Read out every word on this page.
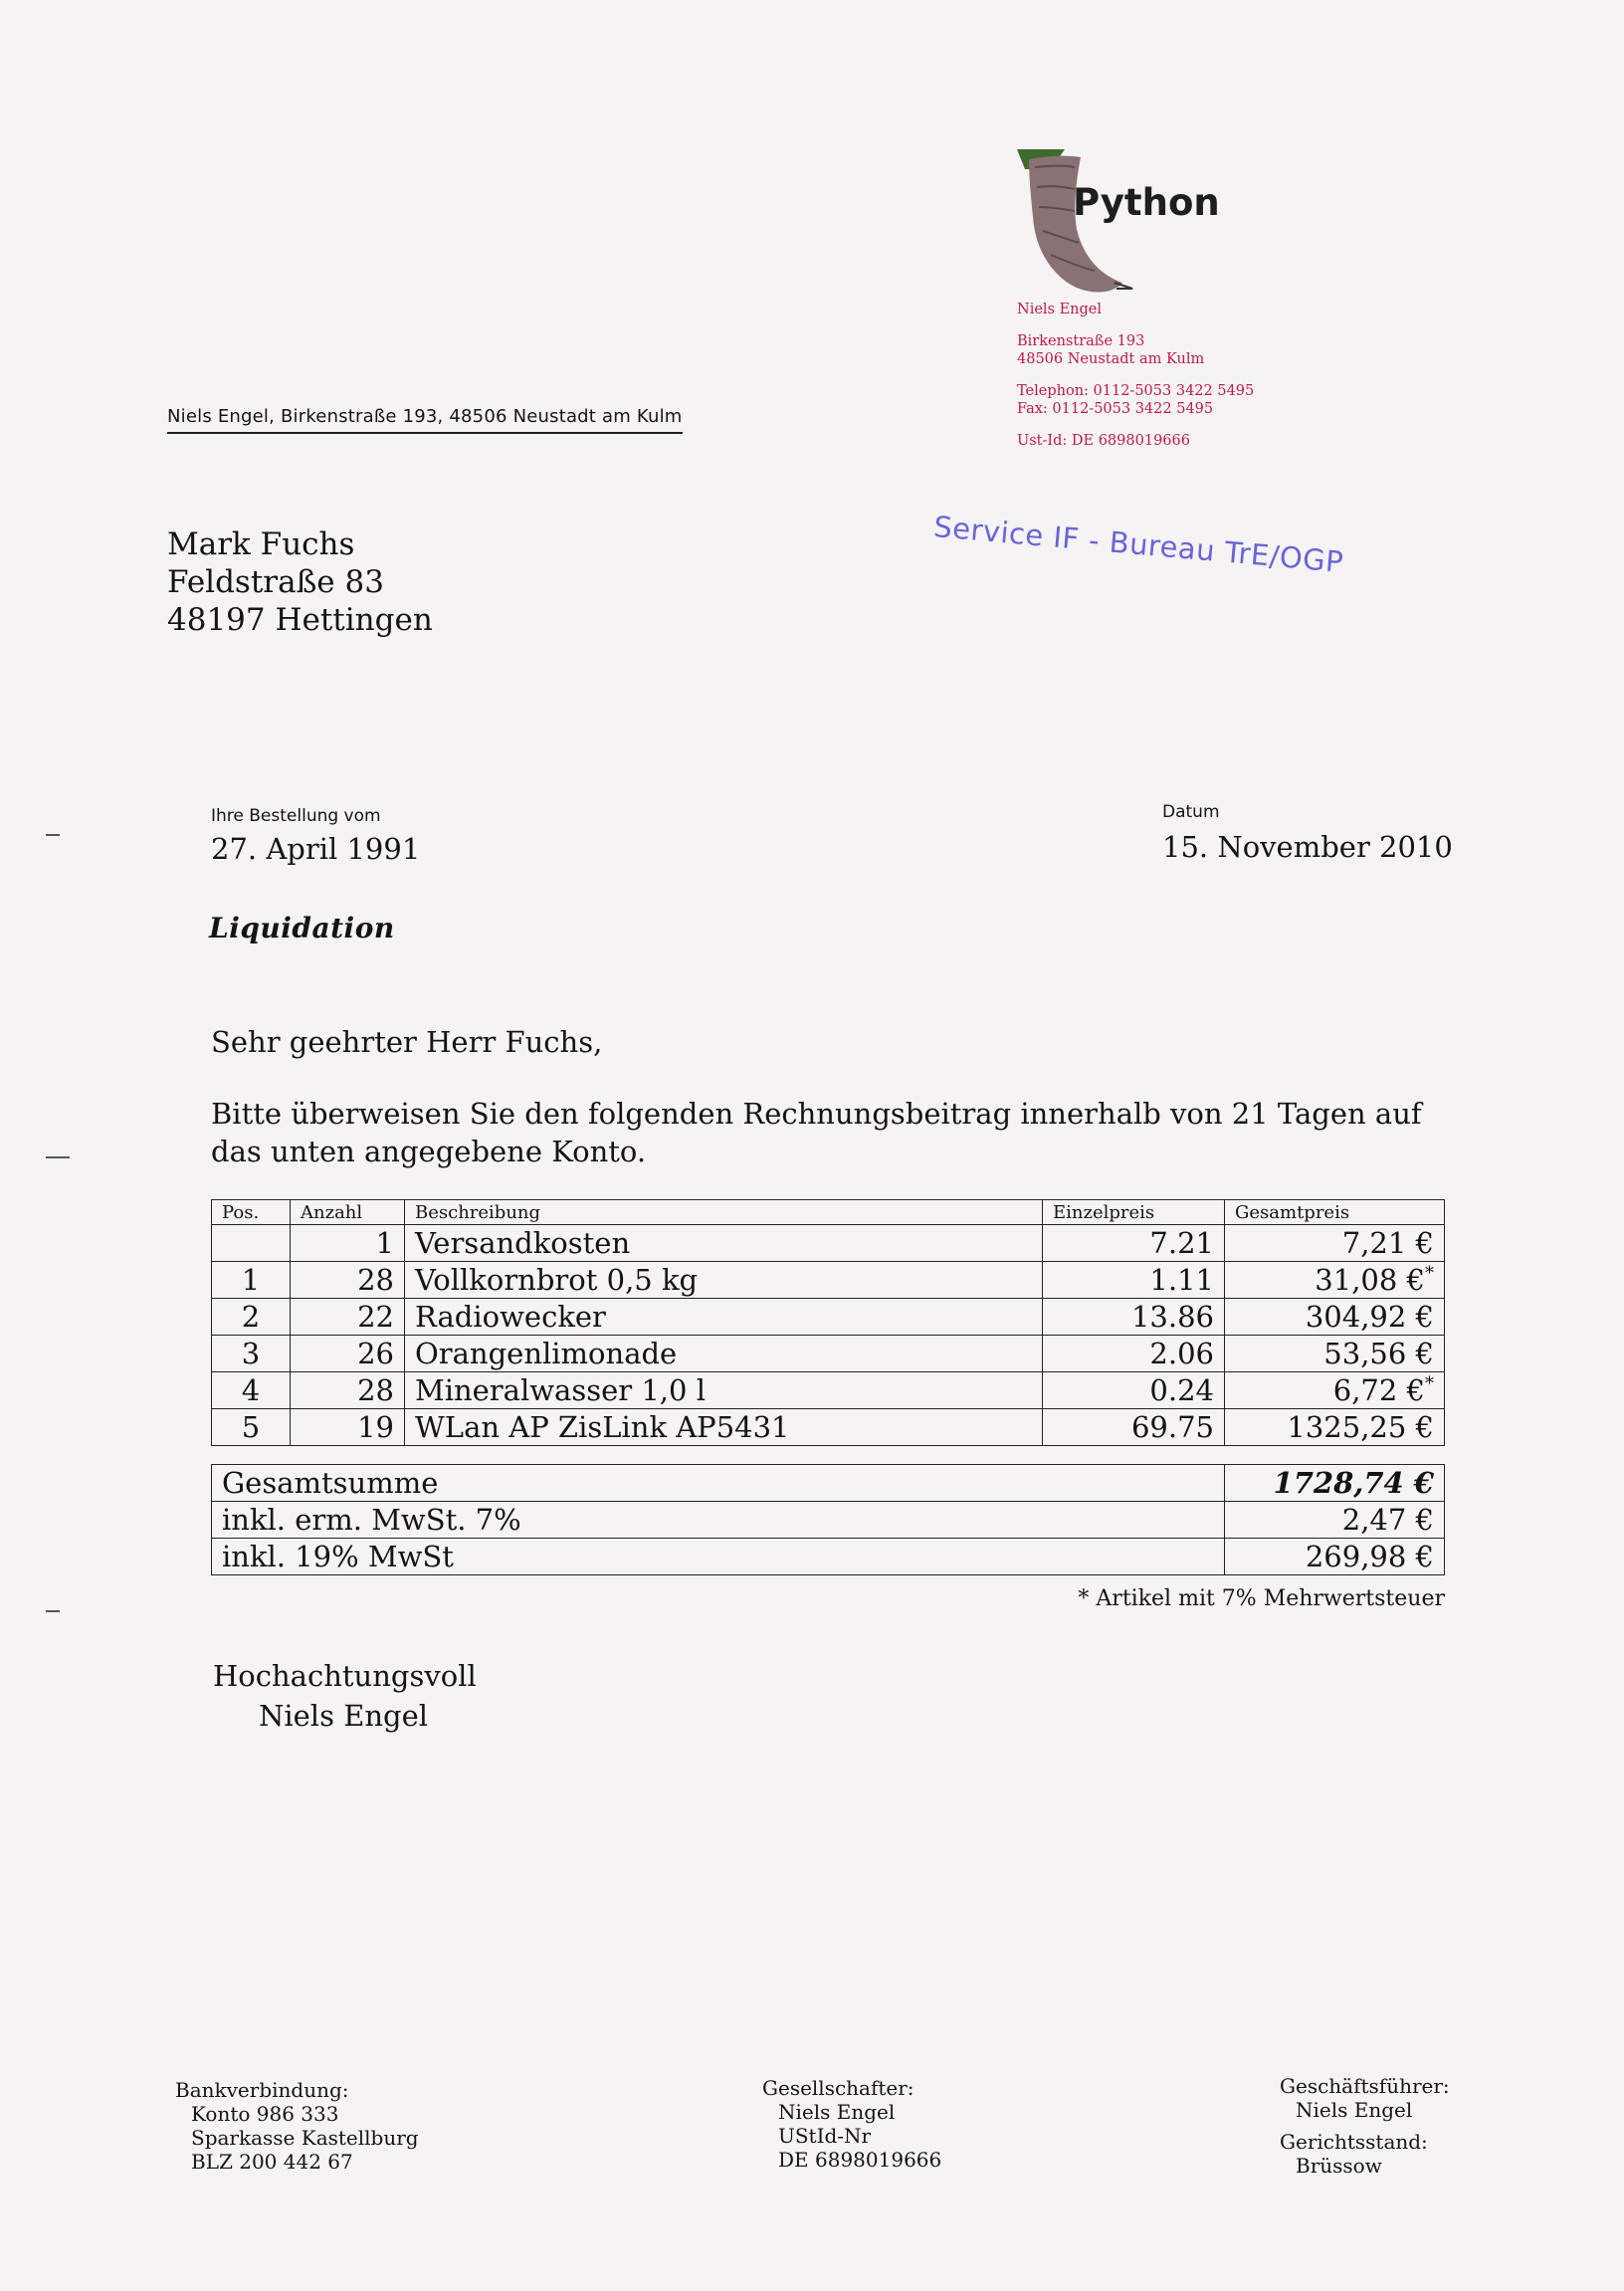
Python
Niels Engel
Birkenstraße 193
48506 Neustadt am Kulm
Telephon: 0112-5053 3422 5495
Fax: 0112-5053 3422 5495
Ust-Id: DE 6898019666
Niels Engel, Birkenstraße 193, 48506 Neustadt am Kulm
Mark Fuchs
Feldstraße 83
48197 Hettingen
Service IF - Bureau TrE/OGP
Ihre Bestellung vom
27. April 1991
Datum
15. November 2010
Liquidation
Sehr geehrter Herr Fuchs,
Bitte überweisen Sie den folgenden Rechnungsbeitrag innerhalb von 21 Tagen auf das unten angegebene Konto.
Pos.	Anzahl	Beschreibung	Einzelpreis	Gesamtpreis
	1	Versandkosten	7.21	7,21 €
1	28	Vollkornbrot 0,5 kg	1.11	31,08 €*
2	22	Radiowecker	13.86	304,92 €
3	26	Orangenlimonade	2.06	53,56 €
4	28	Mineralwasser 1,0 l	0.24	6,72 €*
5	19	WLan AP ZisLink AP5431	69.75	1325,25 €
Gesamtsumme	1728,74 €
inkl. erm. MwSt. 7%	2,47 €
inkl. 19% MwSt	269,98 €
* Artikel mit 7% Mehrwertsteuer
Hochachtungsvoll
Niels Engel
Bankverbindung:
Konto 986 333
Sparkasse Kastellburg
BLZ 200 442 67
Gesellschafter:
Niels Engel
UStId-Nr
DE 6898019666
Geschäftsführer:
Niels Engel
Gerichtsstand:
Brüssow
